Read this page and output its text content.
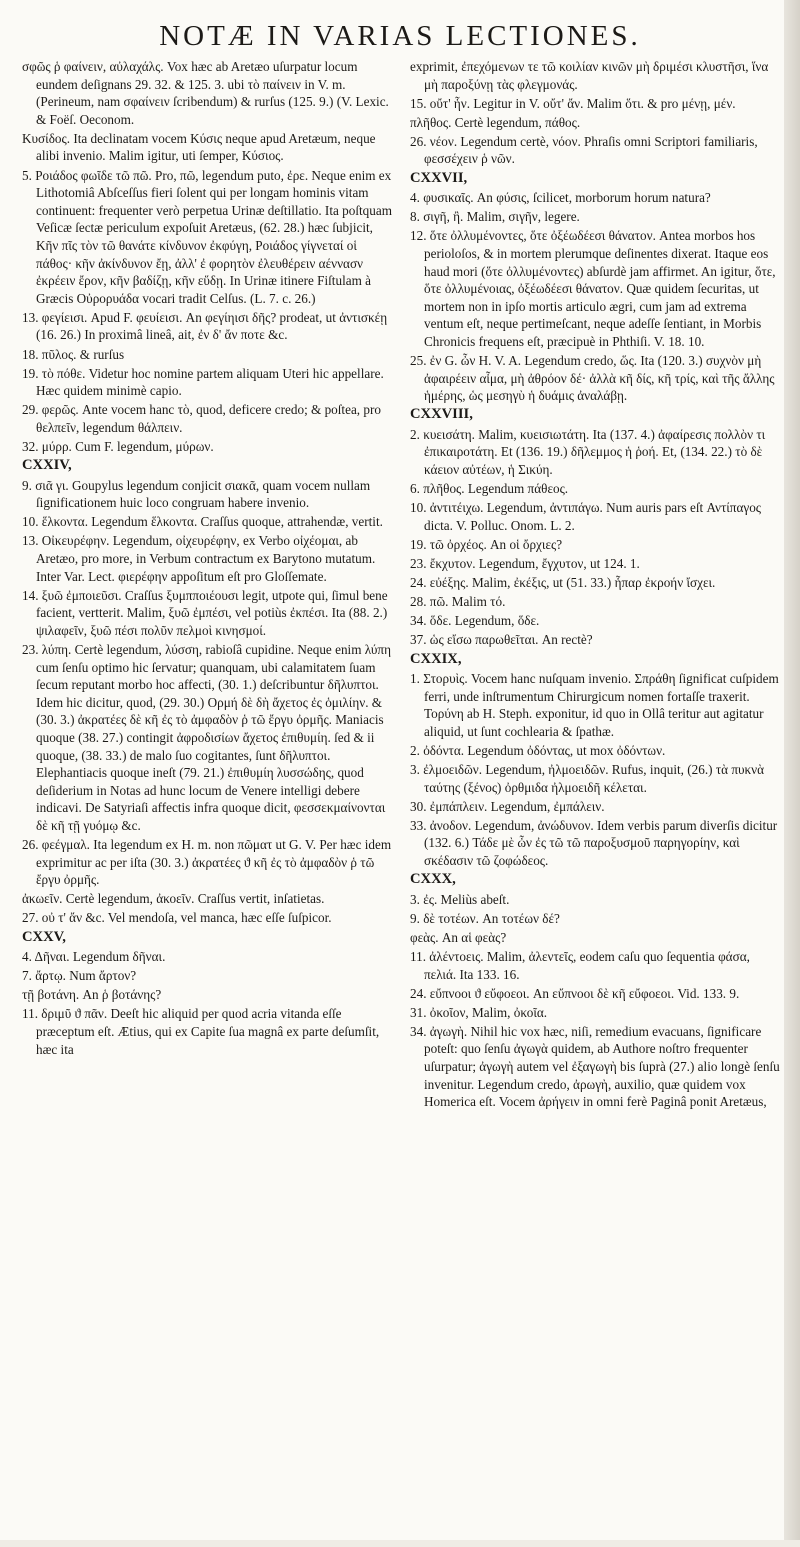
NOTÆ IN VARIAS LECTIONES.
σφῶς ῥ φαίνειν, αὐλαχάλς. Vox hæc ab Aretæo uſurpatur locum eundem deſignans 29. 32. & 125. 3. ubi τὸ παίνειν in V. m. (Perineum, nam σφαίνειν ſcribendum) & rurſus (125. 9.) (V. Lexic. & Foëſ. Oeconom.
Κυσίδος. Ita declinatam vocem Κύσις neque apud Aretæum, neque alibi invenio. Malim igitur, uti ſemper, Κύσιος.
5. Ροιάδος φωῖδε τῶ πῶ. Pro, πῶ, legendum puto, ἐρε. Neque enim ex Lithotomiâ Abſceſſus fieri ſolent qui per longam hominis vitam continuent: frequenter verò perpetua Urinæ deſtillatio. Ita poſtquam Veſicæ ſectæ periculum expoſuit Aretæus, (62. 28.) hæc ſubjicit, Κῆν πῖς τὸν τῶ θανάτε κίνδυνον ἐκφύγη, Ροιάδος γίγνεταί οἱ πάθος· κῆν ἀκίνδυνον ἔῃ, ἀλλ' ἐ φορητὸν ἐλευθέρειν αέννασν ἐκρέειν ἔρον, κῆν βαδίζῃ, κῆν εὕδῃ. In Urinæ itinere Fiſtulam à Græcis Οὐρορυάδα vocari tradit Celſus. (L. 7. c. 26.)
13. φεγίεισι. Apud F. φευίεισι. An φεγίηισι δῆς? prodeat, ut ἀντισκέῃ (16. 26.) In proximâ lineâ, ait, ἐν δ' ἄν ποτε &c.
18. πῦλος. & rurſus
19. τὸ πόθε. Videtur hoc nomine partem aliquam Uteri hic appellare. Hæc quidem minimè capio.
29. φερῶς. Ante vocem hanc τὸ, quod, deficere credo; & poſtea, pro θελπεῖν, legendum θάλπειν.
32. μύρρ. Cum F. legendum, μύρων.
CXXIV,
9. σιᾶ γι. Goupylus legendum conjicit σιακᾶ, quam vocem nullam ſignificationem huic loco congruam habere invenio.
10. ἕλκοντα. Legendum ἕλκοντα. Craſſus quoque, attrahendæ, vertit.
13. Οἰκευρέφην. Legendum, οἰχευρέφην, ex Verbo οἰχέομαι, ab Aretæo, pro more, in Verbum contractum ex Barytono mutatum. Inter Var. Lect. φιερέφην appoſitum eſt pro Gloſſemate.
14. ξυῶ ἐμποιεῦσι. Craſſus ξυμπποιέουσι legit, utpote qui, ſimul bene facient, vertterit. Malim, ξυῶ ἐμπέσι, vel potiùs ἐκπέσι. Ita (88. 2.) ψιλαφεῖν, ξυῶ πέσι πολῦν πελμοὶ κινησμοί.
23. λύπη. Certè legendum, λύσση, rabioſâ cupidine. Neque enim λύπη cum ſenſu optimo hic ſervatur; quanquam, ubi calamitatem ſuam ſecum reputant morbo hoc affecti, (30. 1.) deſcribuntur δῆλυπτοι. Idem hic dicitur, quod, (29. 30.) Ορμή δὲ δὴ ἄχετος ἐς ὁμιλίην. & (30. 3.) ἀκρατέες δὲ κῆ ἐς τὸ ἀμφαδὸν ῥ τῶ ἔργυ ὀρμῆς. Maniacis quoque (38. 27.) contingit ἀφροδισίων ἄχετος ἐπιθυμίη. ſed & ii quoque, (38. 33.) de malo ſuo cogitantes, ſunt δῆλυπτοι. Elephantiacis quoque ineſt (79. 21.) ἐπιθυμίη λυσσώδης, quod deſiderium in Notas ad hunc locum de Venere intelligi debere indicavi. De Satyriaſi affectis infra quoque dicit, φεσσεκμαίνονται δὲ κῆ τῇ γυόμῳ &c.
26. φεέγμαλ. Ita legendum ex H. m. non πῶματ ut G. V. Per hæc idem exprimitur ac per iſta (30. 3.) ἀκρατέες ϑ κῆ ἐς τὸ ἀμφαδὸν ῥ τῶ ἔργυ ὀρμῆς.
ἀκωεῖν. Certè legendum, ἀκοεῖν. Craſſus vertit, inſatietas.
27. οὐ τ' ἄν &c. Vel mendoſa, vel manca, hæc eſſe ſuſpicor.
CXXV,
4. Δῆναι. Legendum δῆναι.
7. ἄρτῳ. Num ἄρτον?
τῇ βοτάνη. An ῥ βοτάνης?
11. δριμῦ ϑ πᾶν. Deeſt hic aliquid per quod acria vitanda eſſe præceptum eſt. Ætius, qui ex Capite ſua magnâ ex parte deſumſit, hæc ita
exprimit, ἐπεχόμενων τε τῶ κοιλίαν κινῶν μὴ δριμέσι κλυστῆσι, ἵνα μὴ παροξύνῃ τὰς φλεγμονάς.
15. οὔτ' ἦν. Legitur in V. οὔτ' ἄν. Malim ὅτι. & pro μένῃ, μέν.
πλῆθος. Certè legendum, πάθος.
26. νέον. Legendum certè, νόον. Phraſis omni Scriptori familiaris, φεσσέχειν ῥ νῶν.
CXXVII,
4. φυσικαῖς. An φύσις, ſcilicet, morborum horum natura?
8. σιγῆ, ἢ. Malim, σιγῆν, legere.
12. ὅτε ὀλλυμένοντες, ὅτε ὀξέωδέεσι θάνατον. Antea morbos hos perioloſos, & in mortem plerumque deſinentes dixerat. Itaque eos haud mori (ὅτε ὀλλυμένοντες) abſurdè jam affirmet. An igitur, ὅτε, ὅτε ὀλλυμένοιας, ὀξέωδέεσι θάνατον. Quæ quidem ſecuritas, ut mortem non in ipſo mortis articulo ægri, cum jam ad extrema ventum eſt, neque pertimeſcant, neque adeſſe ſentiant, in Morbis Chronicis frequens eſt, præcipuè in Phthiſi. V. 18. 10.
25. ἐν G. ὦν H. V. A. Legendum credo, ὥς. Ita (120. 3.) συχνὸν μὴ ἀφαιρέειν αἷμα, μὴ ἀθρόον δέ· ἀλλὰ κῆ δίς, κῆ τρίς, καὶ τῆς ἄλλης ἡμέρης, ὡς μεσηγὺ ἡ δυάμις ἀναλάβῃ.
CXXVIII,
2. κυεισάτη. Malim, κυεισιωτάτη. Ita (137. 4.) ἀφαίρεσις πολλὸν τι ἐπικαιροτάτη. Et (136. 19.) δῆλεμμος ἡ ῥοή. Et, (134. 22.) τὸ δὲ κάειον αὐτέων, ἡ Σικύη.
6. πλῆθος. Legendum πάθεος.
10. ἀντιτέιχω. Legendum, ἀντιπάγω. Num auris pars eſt Αντίπαγος dicta. V. Polluc. Onom. L. 2.
19. τῶ ὀρχέος. An οἱ ὄρχιες?
23. ἔκχυτον. Legendum, ἔγχυτον, ut 124. 1.
24. εὐέξης. Malim, ἐκέξις, ut (51. 33.) ἧπαρ ἐκροήν ἴσχει.
28. πῶ. Malim τό.
34. ὅδε. Legendum, ὅδε.
37. ὡς εἴσω παρωθεῖται. An rectè?
CXXIX,
1. Στορυὶς. Vocem hanc nuſquam invenio. Σπράθη ſignificat cuſpidem ferri, unde inſtrumentum Chirurgicum nomen fortaſſe traxerit. Τορύνη ab H. Steph. exponitur, id quo in Ollâ teritur aut agitatur aliquid, ut ſunt cochlearia & ſpathæ.
2. ὀδόντα. Legendum ὀδόντας, ut mox ὀδόντων.
3. ἐλμοειδῶν. Legendum, ἠλμοειδῶν. Rufus, inquit, (26.) τὰ πυκνὰ ταύτης (ξένος) ὀρθμιδα ἠλμοειδῆ κέλεται.
30. ἐμπάπλειν. Legendum, ἐμπάλειν.
33. ἀνοδον. Legendum, ἀνώδυνον. Idem verbis parum diverſis dicitur (132. 6.) Τάδε μὲ ὦν ἐς τῶ τῶ παροξυσμοῦ παρηγορίην, καὶ σκέδασιν τῶ ζοφώδεος.
CXXX,
3. ἐς. Meliùs abeſt.
9. δὲ τοτέων. An τοτέων δέ?
φεὰς. An αἱ φεὰς?
11. ἀλέντοεις. Malim, ἀλεντεῖς, eodem caſu quo ſequentia φάσα, πελιά. Ita 133. 16.
24. εὔπνοοι ϑ εὔφοεοι. An εὔπνοοι δὲ κῆ εὔφοεοι. Vid. 133. 9.
31. ὀκοῖον, Malim, ὀκοῖα.
34. ἀγωγὴ. Nihil hic vox hæc, niſi, remedium evacuans, ſignificare poteſt: quo ſenſu ἀγωγὰ quidem, ab Authore noſtro frequenter uſurpatur; ἀγωγὴ autem vel ἐξαγωγὴ bis ſuprà (27.) alio longè ſenſu invenitur. Legendum credo, ἀρωγὴ, auxilio, quæ quidem vox Homerica eſt. Vocem ἀρήγειν in omni ferè Paginâ ponit Aretæus,
